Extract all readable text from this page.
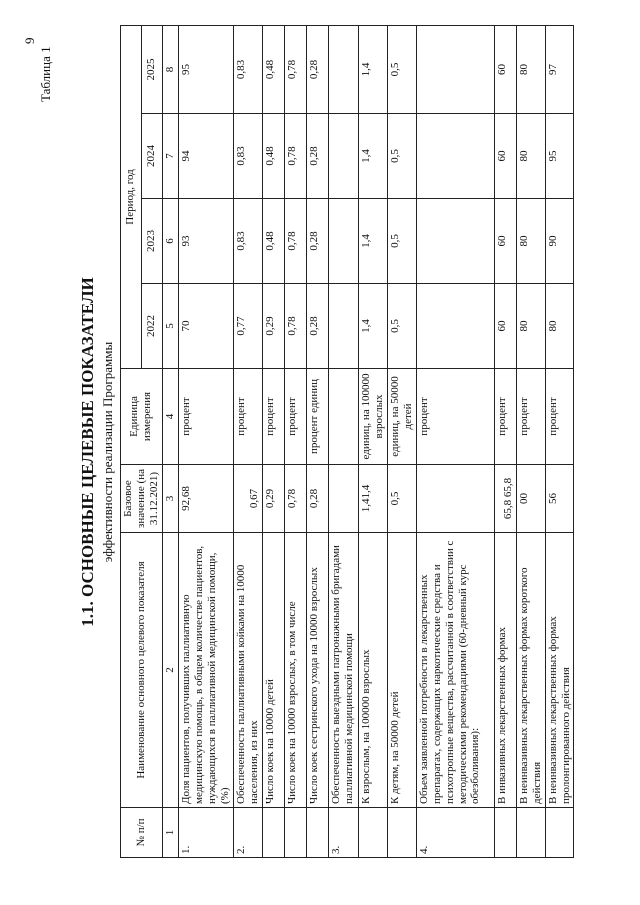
9
Таблица 1
1.1. ОСНОВНЫЕ ЦЕЛЕВЫЕ ПОКАЗАТЕЛИ эффективности реализации Программы
№ п/п	Наименование основного целевого показателя	Базовое значение (на 31.12.2021)	Единица измерения	Период, год			
				2022	2023	2024	2025
1	2	3	4	5	6	7	8
1.	Доля пациентов, получивших паллиативную медицинскую помощь, в общем количестве пациентов, нуждающихся в паллиативной медицинской помощи, (%)	92,68	процент	70	93	94	95
2.	Обеспеченность паллиативными койками на 10000 населения, из них	0,67	процент	0,77	0,83	0,83	0,83
	Число коек на 10000 детей	0,29	процент	0,29	0,48	0,48	0,48
	Число коек на 10000 взрослых, в том числе	0,78	процент	0,78	0,78	0,78	0,78
	Число коек сестринского ухода на 10000 взрослых	0,28	процент единиц	0,28	0,28	0,28	0,28
3.	Обеспеченность выездными патронажными бригадами паллиативной медицинской помощи						
	К взрослым, на 100000 взрослых	1,41,4	единиц, на 100000 взрослых	1,4	1,4	1,4	1,4
	К детям, на 50000 детей	0,5	единиц, на 50000 детей	0,5	0,5	0,5	0,5
4.	Объем заявленной потребности в лекарственных препаратах, содержащих наркотические средства и психотропные вещества, рассчитанной в соответствии с методическими рекомендациями (60-дневный курс обезболивания):		процент				
	В инвазивных лекарственных формах	65,8 65,8	процент	60	60	60	60
	В неинвазивных лекарственных формах короткого действия	00	процент	80	80	80	80
	В неинвазивных лекарственных формах пролонгированного действия	56	процент	80	90	95	97
